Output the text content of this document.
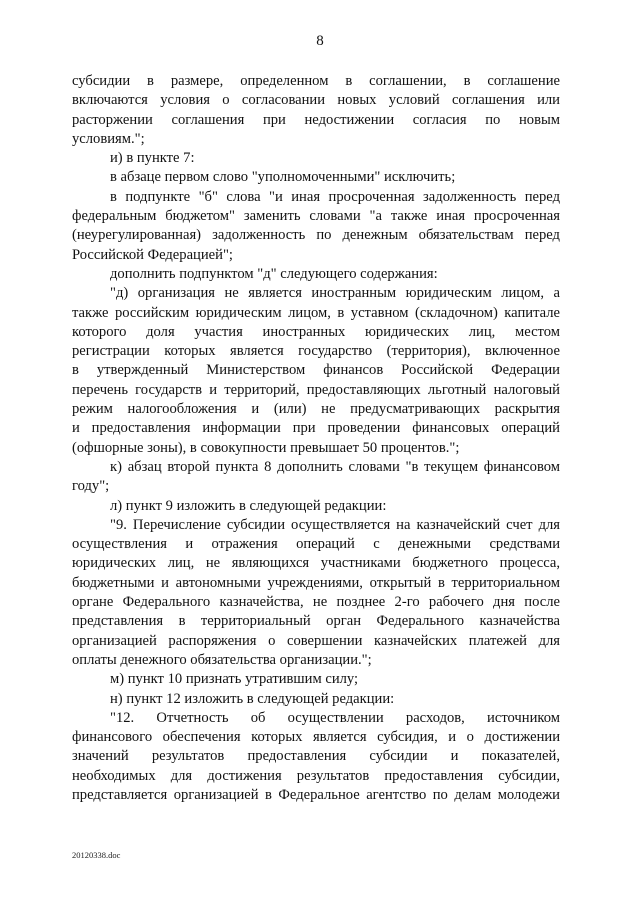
8
субсидии в размере, определенном в соглашении, в соглашение
включаются условия о согласовании новых условий соглашения или
расторжении соглашения при недостижении согласия по новым
условиям.";
и) в пункте 7:
в абзаце первом слово "уполномоченными" исключить;
в подпункте "б" слова "и иная просроченная задолженность перед
федеральным бюджетом" заменить словами "а также иная просроченная
(неурегулированная) задолженность по денежным обязательствам перед
Российской Федерацией";
дополнить подпунктом "д" следующего содержания:
"д) организация не является иностранным юридическим лицом, а
также российским юридическим лицом, в уставном (складочном) капитале
которого доля участия иностранных юридических лиц, местом
регистрации которых является государство (территория), включенное
в утвержденный Министерством финансов Российской Федерации
перечень государств и территорий, предоставляющих льготный налоговый
режим налогообложения и (или) не предусматривающих раскрытия
и предоставления информации при проведении финансовых операций
(офшорные зоны), в совокупности превышает 50 процентов.";
к) абзац второй пункта 8 дополнить словами "в текущем финансовом
году";
л) пункт 9 изложить в следующей редакции:
"9. Перечисление субсидии осуществляется на казначейский счет для
осуществления и отражения операций с денежными средствами
юридических лиц, не являющихся участниками бюджетного процесса,
бюджетными и автономными учреждениями, открытый в территориальном
органе Федерального казначейства, не позднее 2-го рабочего дня после
представления в территориальный орган Федерального казначейства
организацией распоряжения о совершении казначейских платежей для
оплаты денежного обязательства организации.";
м) пункт 10 признать утратившим силу;
н) пункт 12 изложить в следующей редакции:
"12. Отчетность об осуществлении расходов, источником
финансового обеспечения которых является субсидия, и о достижении
значений результатов предоставления субсидии и показателей,
необходимых для достижения результатов предоставления субсидии,
представляется организацией в Федеральное агентство по делам молодежи
20120338.doc
